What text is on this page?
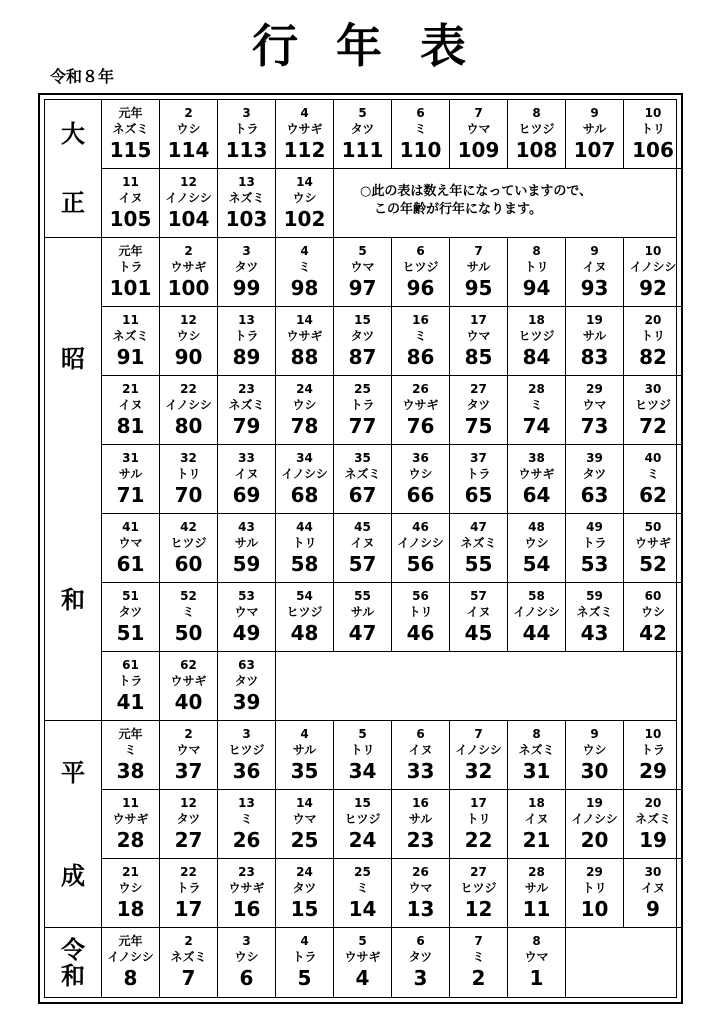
行年表
令和８年
大
正
元年
ネズミ
115
2
ウシ
114
3
トラ
113
4
ウサギ
112
5
タツ
111
6
ミ
110
7
ウマ
109
8
ヒツジ
108
9
サル
107
10
トリ
106
11
イヌ
105
12
イノシシ
104
13
ネズミ
103
14
ウシ
102
○此の表は数え年になっていますので、
この年齢が行年になります。
昭
和
元年
トラ
101
2
ウサギ
100
3
タツ
99
4
ミ
98
5
ウマ
97
6
ヒツジ
96
7
サル
95
8
トリ
94
9
イヌ
93
10
イノシシ
92
11
ネズミ
91
12
ウシ
90
13
トラ
89
14
ウサギ
88
15
タツ
87
16
ミ
86
17
ウマ
85
18
ヒツジ
84
19
サル
83
20
トリ
82
21
イヌ
81
22
イノシシ
80
23
ネズミ
79
24
ウシ
78
25
トラ
77
26
ウサギ
76
27
タツ
75
28
ミ
74
29
ウマ
73
30
ヒツジ
72
31
サル
71
32
トリ
70
33
イヌ
69
34
イノシシ
68
35
ネズミ
67
36
ウシ
66
37
トラ
65
38
ウサギ
64
39
タツ
63
40
ミ
62
41
ウマ
61
42
ヒツジ
60
43
サル
59
44
トリ
58
45
イヌ
57
46
イノシシ
56
47
ネズミ
55
48
ウシ
54
49
トラ
53
50
ウサギ
52
51
タツ
51
52
ミ
50
53
ウマ
49
54
ヒツジ
48
55
サル
47
56
トリ
46
57
イヌ
45
58
イノシシ
44
59
ネズミ
43
60
ウシ
42
61
トラ
41
62
ウサギ
40
63
タツ
39
平
成
元年
ミ
38
2
ウマ
37
3
ヒツジ
36
4
サル
35
5
トリ
34
6
イヌ
33
7
イノシシ
32
8
ネズミ
31
9
ウシ
30
10
トラ
29
11
ウサギ
28
12
タツ
27
13
ミ
26
14
ウマ
25
15
ヒツジ
24
16
サル
23
17
トリ
22
18
イヌ
21
19
イノシシ
20
20
ネズミ
19
21
ウシ
18
22
トラ
17
23
ウサギ
16
24
タツ
15
25
ミ
14
26
ウマ
13
27
ヒツジ
12
28
サル
11
29
トリ
10
30
イヌ
9
令
和
元年
イノシシ
8
2
ネズミ
7
3
ウシ
6
4
トラ
5
5
ウサギ
4
6
タツ
3
7
ミ
2
8
ウマ
1
